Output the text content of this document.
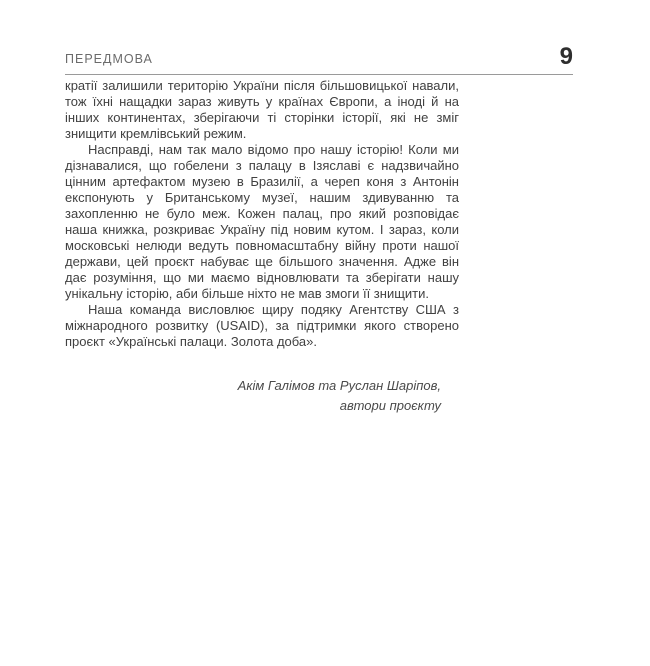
ПЕРЕДМОВА	9

кратії залишили територію України після більшовицької навали, тож їхні нащадки зараз живуть у країнах Європи, а іноді й на інших континентах, зберігаючи ті сторінки історії, які не зміг знищити кремлівський режим.

Насправді, нам так мало відомо про нашу історію! Коли ми дізнавалися, що гобелени з палацу в Ізяславі є надзвичайно цінним артефактом музею в Бразилії, а череп коня з Антонін експонують у Британському музеї, нашим здивуванню та захопленню не було меж. Кожен палац, про який розповідає наша книжка, розкриває Україну під новим кутом. І зараз, коли московські нелюди ведуть повномасштабну війну проти нашої держави, цей проєкт набуває ще більшого значення. Адже він дає розуміння, що ми маємо відновлювати та зберігати нашу унікальну історію, аби більше ніхто не мав змоги її знищити.

Наша команда висловлює щиру подяку Агентству США з міжнародного розвитку (USAID), за підтримки якого створено проєкт «Українські палаци. Золота доба».

Акім Галімов та Руслан Шаріпов,
автори проєкту
